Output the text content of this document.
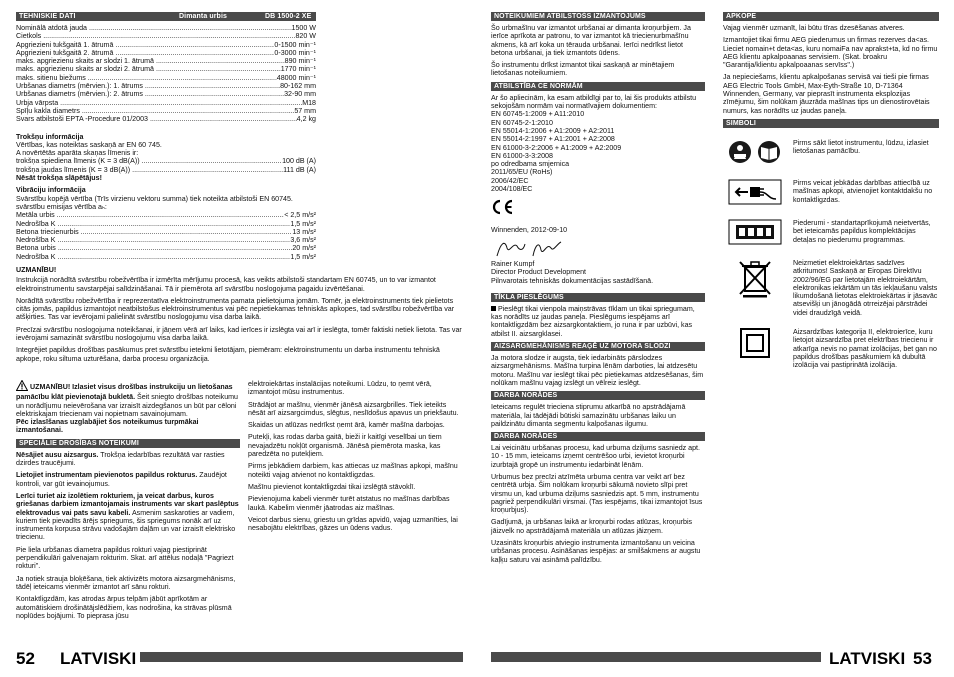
TEHNISKIE DATI	Dimanta urbis	DB 1500-2 XE
Nominālā atdotā jauda .....	1500 W
Cietkols .....	820 W
Apgriezieni tukšgaitā 1. ātrumā .....	0-1500 min⁻¹
Apgriezieni tukšgaitā 2. ātrumā .....	0-3000 min⁻¹
maks. apgriezienu skaits ar slodzi 1. ātrumā .....	890 min⁻¹
maks. apgriezienu skaits ar slodzi 2. ātrumā .....	1770 min⁻¹
maks. sitienu biežums .....	48000 min⁻¹
Urbšanas diametrs (mērvien.): 1. ātrums .....	80-162 mm
Urbšanas diametrs (mērvien.): 2. ātrums .....	32-90 mm
Urbja vārpsta .....	M18
Spīļu kakla diametrs .....	57 mm
Svars atbilstoši EPTA -Procedure 01/2003 .....	4,2 kg
Trokšņu informācija
Vērtības, kas noteiktas saskaņā ar EN 60 745.
A novērtētās aparāta skaņas līmenis ir:
trokšņa spiediena līmenis (K = 3 dB(A)) .....	100 dB (A)
trokšņa jaudas līmenis (K = 3 dB(A)) .....	111 dB (A)
Nēsāt trokšņa slāpētājus!
Vibrāciju informācija
Svārstību kopējā vērtība (Trīs virzienu vektoru summa) tiek noteikta atbilstoši EN 60745.
svārstību emisijas vērtība aₕ:
Metāla urbis .....	< 2,5 m/s²
Nedrošība K .....	1,5 m/s²
Betona triecienurbis .....	13 m/s²
Nedrošība K .....	3,6 m/s²
Betona urbis .....	20 m/s²
Nedrošība K .....	1,5 m/s²
UZMANĪBU!

Instrukcijā norādītā svārstību robežvērtība ir izmērīta mērījumu procesā, kas veikts atbilstoši standartam EN 60745, un to var izmantot elektroinstrumentu savstarpējai salīdzināšanai. Tā ir piemērota arī svārstību noslogojuma pagaidu izvērtēšanai.

Norādītā svārstību robežvērtība ir reprezentatīva elektroinstrumenta pamata pielietojuma jomām. Tomēr, ja elektroinstruments tiek pielietots citās jomās, papildus izmantojot neatbilstošus elektroinstrumentus vai pēc nepietiekamas tehniskās apkopes, tad svārstību robežvērtība var atšķirties. Tas var ievērojami palielināt svārstību noslogojumu visa darba laikā.

Precīzai svārstību noslogojuma noteikšanai, ir jāņem vērā arī laiks, kad ierīces ir izslēgta vai arī ir ieslēgta, tomēr faktiski netiek lietota. Tas var ievērojami samazināt svārstību noslogojumu visa darba laikā.

Integrējiet papildus drošības pasākumus pret svārstību ietekmi lietotājam, piemēram: elektroinstrumentu un darba instrumentu tehniskā apkope, roku siltuma uzturēšana, darba procesu organizācija.

UZMANĪBU! Izlasiet visus drošības instrukciju un lietošanas pamācību klāt pievienotajā bukletā. Šeit sniegto drošības noteikumu un norādījumu neievērošana var izraisīt aizdegšanos un būt par cēloni elektriskajam triecienam vai nopietnam savainojumam.
Pēc izlasīšanas uzglabājiet šos noteikumus turpmākai izmantošanai.

SPECIĀLIE DROŠĪBAS NOTEIKUMI

Nēsājiet ausu aizsargus. Trokšņa iedarbības rezultātā var rasties dzirdes traucējumi.

Lietojiet instrumentam pievienotos papildus rokturus. Zaudējot kontroli, var gūt ievainojumus.

Lerīci turiet aiz izolētiem rokturiem, ja veicat darbus, kuros griešanas darbiem izmantojamais instruments var skart paslēptus elektrovadus vai pats savu kabeli. Asmenim saskaroties ar vadiem, kuriem tiek pievadīts ārējs spriegums, šis spriegums nonāk arī uz instrumenta korpusa strāvu vadošajām daļām un var izraisīt elektrisko triecienu.

Pie liela urbšanas diametra papildus rokturi vajag piestiprināt perpendikulāri galvenajam rokturim. Skat. arī attēlus nodaļā "Pagriezt rokturi".

Ja notiek strauja bloķēšana, tiek aktivizēts motora aizsargmehānisms, tādēļ ieteicams vienmēr izmantot arī sānu rokturi.

Kontaktligzdām, kas atrodas ārpus telpām jābūt aprīkotām ar automātiskiem drošinātājslēdžiem, kas nodrošina, ka strāvas plūsmā noplūdes bojājumi. To pieprasa jūsu

elektroiekārtas instalācijas noteikumi. Lūdzu, to ņemt vērā, izmantojot mūsu instrumentus.

Strādājot ar mašīnu, vienmēr jānēsā aizsargbrilles. Tiek ieteikts nēsāt arī aizsargcimdus, slēgtus, neslīdošus apavus un priekšautu.

Skaidas un atlūzas nedrīkst ņemt ārā, kamēr mašīna darbojas.

Putekļi, kas rodas darba gaitā, bieži ir kaitīgi veselībai un tiem nevajadzētu nokļūt organismā. Jānēsā piemērota maska, kas paredzēta no putekļiem.

Pirms jebkādiem darbiem, kas attiecas uz mašīnas apkopi, mašīnu noteikti vajag atvienot no kontaktligzdas.

Mašīnu pievienot kontaktligzdai tikai izslēgtā stāvoklī.

Pievienojuma kabeli vienmēr turēt atstatus no mašīnas darbības laukā. Kabelim vienmēr jāatrodas aiz mašīnas.

Veicot darbus sienu, griestu un grīdas apvidū, vajag uzmanīties, lai nesabojātu elektrības, gāzes un ūdens vadus.

52 LATVISKI
NOTEIKUMIEM ATBILSTOŠS IZMANTOJUMS

Šo urbmašīnu var izmantot urbšanai ar dimanta kroņurbjiem. Ja ierīce aprīkota ar patronu, to var izmantot kā triecienurbmašīnu akmens, kā arī koka un tērauda urbšanai. Ierīci nedrīkst lietot betona urbšanai, ja tiek izmantots ūdens.

Šo instrumentu drīkst izmantot tikai saskaņā ar minētajiem lietošanas noteikumiem.

ATBILSTĪBA CE NORMĀM
Ar šo apliecinām, ka esam atbildīgi par to, lai šis produkts atbilstu sekojošām normām vai normatīvajiem dokumentiem:
EN 60745-1:2009 + A11:2010
EN 60745-2-1:2010
EN 55014-1:2006 + A1:2009 + A2:2011
EN 55014-2:1997 + A1:2001 + A2:2008
EN 61000-3-2:2006 + A1:2009 + A2:2009
EN 61000-3-3:2008
po odredbama smjernica
2011/65/EU (RoHs)
2006/42/EC
2004/108/EC
Winnenden, 2012-09-10
Rainer Kumpf
Director Product Development
Pilnvarotais tehniskās dokumentācijas sastādīšanā.
TĪKLA PIESLĒGUMS

Pieslēgt tikai vienpola maiņstrāvas tīklam un tikai spriegumam, kas norādīts uz jaudas paneļa. Pieslēgums iespējams arī kontaktligzdām bez aizsargkontaktiem, jo runa ir par uzbūvi, kas atbilst II. aizsargklasei.

AIZSARGMEHĀNISMS REAĢĒ UZ MOTORA SLODZI

Ja motora slodze ir augsta, tiek iedarbināts pārslodzes aizsargmehānisms. Mašīna turpina lēnām darboties, lai atdzesētu motoru. Mašīnu var ieslēgt tikai pēc pietiekamas atdzesēšanas, šim nolūkam mašīnu vajag izslēgt un vēlreiz ieslēgt.

DARBA NORĀDES

Ieteicams regulēt trieciena stiprumu atkarībā no apstrādājamā materiāla, lai tādējādi būtiski samazinātu urbšanas laiku un paildzinātu dimanta segmentu kalpošanas ilgumu.

DARBA NORĀDES

Lai veicinātu urbšanas procesu, kad urbuma dziļums sasniedz apt. 10 - 15 mm, ieteicams izņemt centrēšoo urbi, ievietot kroņurbi izurbtajā gropē un instrumentu iedarbināt lēnām.

Urbumus bez precīzi atzīmēta urbuma centra var veikt arī bez centrētā urbja. Šim nolūkam kroņurbi sākumā novieto slīpi pret virsmu un, kad urbuma dziļums sasniedzis apt. 5 mm, instrumentu pagriež perpendikulāri virsmai. (Tas iespējams, tikai izmantojot īsus kroņurbjus).

Gadījumā, ja urbšanas laikā ar kroņurbi rodas atlūzas, kroņurbis jāizvelk no apstrādājamā materiāla un atlūzas jāizņem.

Uzasināts kroņurbis atviegio instrumenta izmantošanu un veicina urbšanas procesu. Asināšanas iespējas: ar smilšakmens ar augstu kaļķu saturu vai asināmā palīdzību.

APKOPE

Vajag vienmēr uzmanīt, lai būtu tīras dzesēšanas atveres.

Izmantojiet tikai firmu AEG piederumus un firmas rezerves da<as. Lieciet nomain+t deta<as, kuru nomaiFa nav aprakst+ta, kd no firmu AEG klientu apkalpoaanas servisiem. (Skat. broakru "Garantija/klientu apkalpoaanas servīss".)

Ja nepieciešams, klientu apkalpošanas servisā vai tieši pie firmas AEG Electric Tools GmbH, Max-Eyth-Straße 10, D-71364 Winnenden, Germany, var pieprasīt instrumenta eksplozijas zīmējumu, šim nolūkam jāuzrāda mašīnas tips un dienostirovētais numurs, kas norādīts uz jaudas paneļa.

SIMBOLI
Pirms sākt lietot instrumentu, lūdzu, izlasiet lietošanas pamācību.
Pirms veicat jebkādas darbības attiecībā uz mašīnas apkopi, atvienojiet kontaktdakšu no kontaktligzdas.
Piederumi - standartaprīkojumā neietvertās, bet ieteicamās papildus komplektācijas detaļas no piederumu programmas.
Neizmetiet elektroiekārtas sadzīves atkritumos! Saskaņā ar Eiropas Direktīvu 2002/96/EG par lietotajām elektroiekārtām, elektronikas iekārtām un tās iekļaušanu valsts likumdošanā lietotas elektroiekārtas ir jāsavāc atsevišķi un jānogādā otrreizējai pārstrādei videi draudzīgā veidā.
Aizsardzības kategorija II, elektroierīce, kuru lietojot aizsardzība pret elektrības triecienu ir atkarīga nevis no pamat izolācijas, bet gan no papildus drošības pasākumiem kā dubultā izolācija vai pastiprinātā izolācija.
LATVISKI 53
